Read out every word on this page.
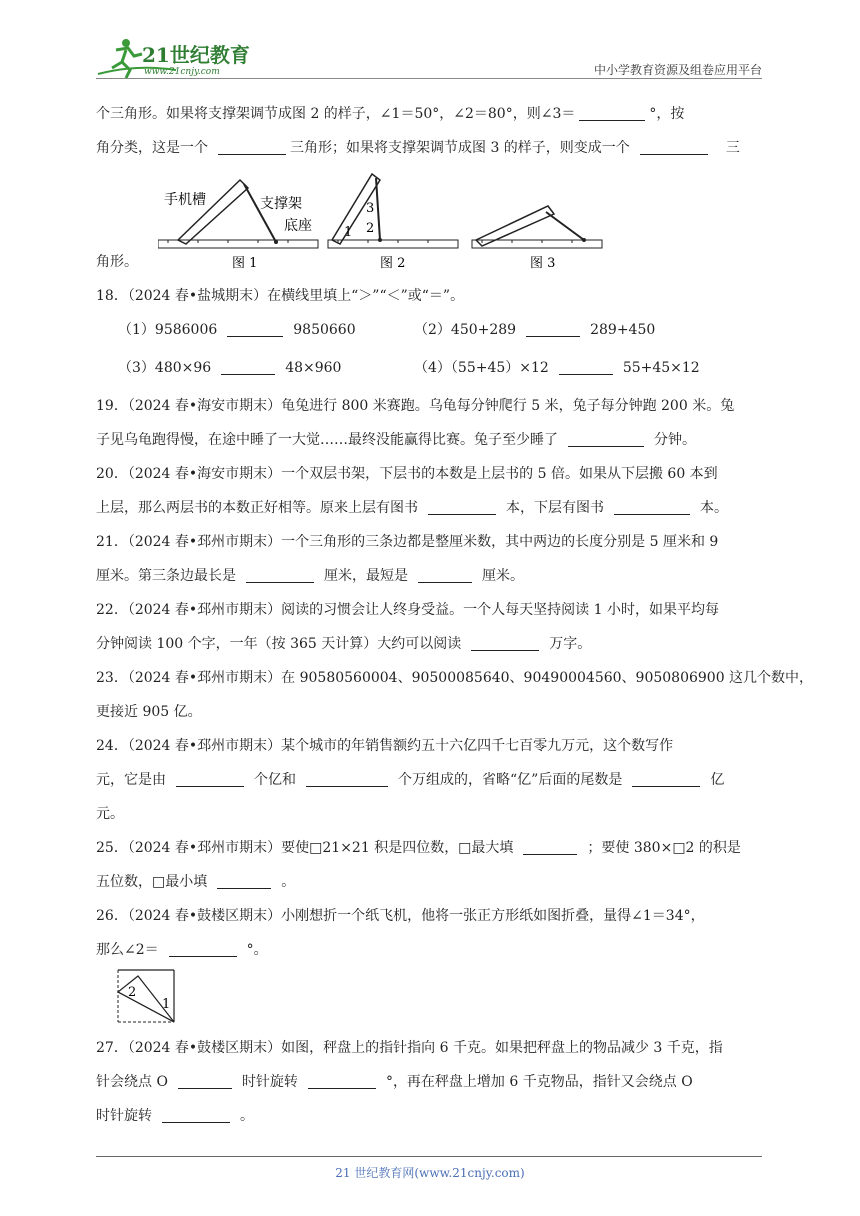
21世纪教育
www.21cnjy.com	中小学教育资源及组卷应用平台
个三角形。如果将支撑架调节成图 2 的样子，∠1＝50°，∠2＝80°，则∠3＝	°，按
角分类，这是一个	三角形；如果将支撑架调节成图 3 的样子，则变成一个	三
手机槽	支撑架
底座
图 1
1 2
3
图 2	图 3
角形。
18．（2024 春•盐城期末）在横线里填上“＞”“＜”或“＝”。
（1）9586006	9850660	（2）450+289	289+450
（3）480×96	48×960	（4）（55+45）×12	55+45×12
19．（2024 春•海安市期末）龟兔进行 800 米赛跑。乌龟每分钟爬行 5 米，兔子每分钟跑 200 米。兔
子见乌龟跑得慢，在途中睡了一大觉……最终没能赢得比赛。兔子至少睡了	分钟。
20．（2024 春•海安市期末）一个双层书架，下层书的本数是上层书的 5 倍。如果从下层搬 60 本到
上层，那么两层书的本数正好相等。原来上层有图书	本，下层有图书	本。
21．（2024 春•邳州市期末）一个三角形的三条边都是整厘米数，其中两边的长度分别是 5 厘米和 9
厘米。第三条边最长是	厘米，最短是	厘米。
22．（2024 春•邳州市期末）阅读的习惯会让人终身受益。一个人每天坚持阅读 1 小时，如果平均每
分钟阅读 100 个字，一年（按 365 天计算）大约可以阅读	万字。
23．（2024 春•邳州市期末）在 90580560004、90500085640、90490004560、9050806900 这几个数中，
更接近 905 亿。
24．（2024 春•邳州市期末）某个城市的年销售额约五十六亿四千七百零九万元，这个数写作
元，它是由	个亿和	个万组成的，省略“亿”后面的尾数是	亿
元。
25．（2024 春•邳州市期末）要使□21×21 积是四位数，□最大填	；要使 380×□2 的积是
五位数，□最小填	。
26．（2024 春•鼓楼区期末）小刚想折一个纸飞机，他将一张正方形纸如图折叠，量得∠1＝34°，
那么∠2＝	°。
2
1
27．（2024 春•鼓楼区期末）如图，秤盘上的指针指向 6 千克。如果把秤盘上的物品减少 3 千克，指
针会绕点 O	时针旋转	°，再在秤盘上增加 6 千克物品，指针又会绕点 O
时针旋转	。
21 世纪教育网(www.21cnjy.com)
